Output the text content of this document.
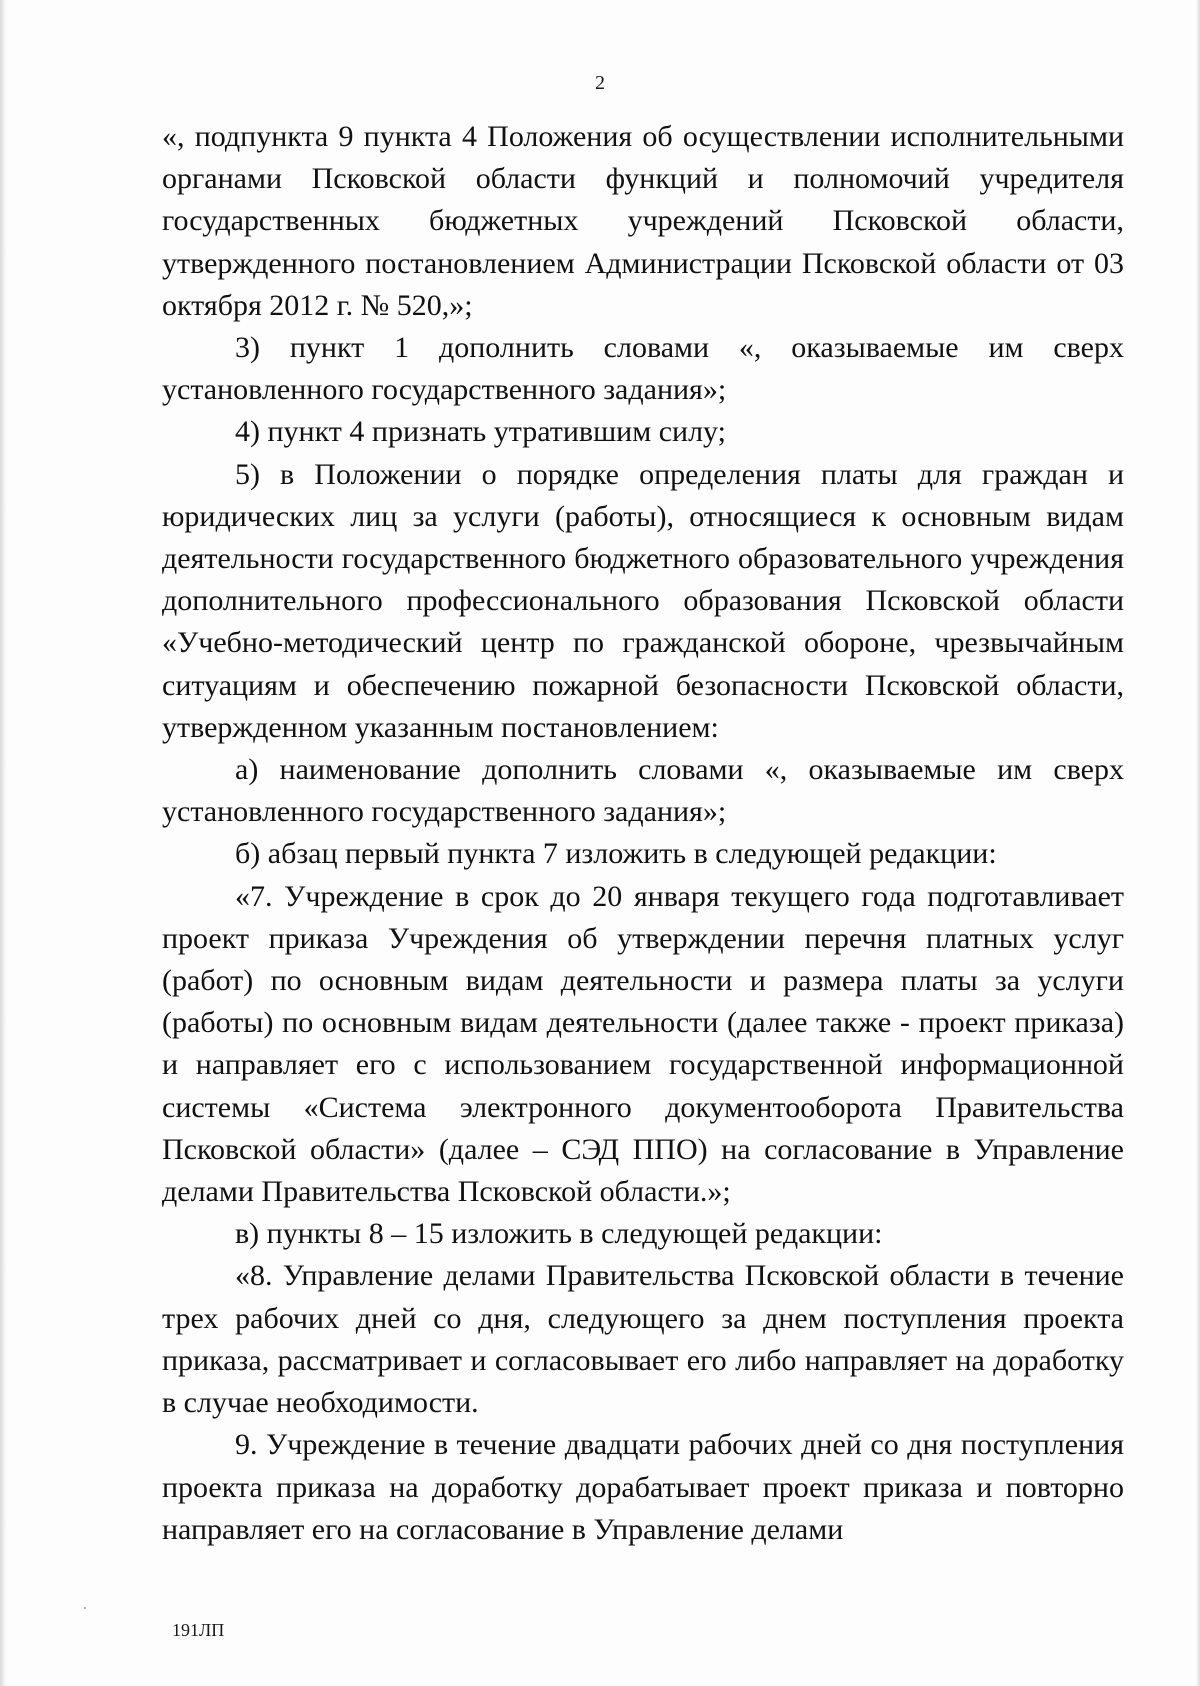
2

«, подпункта 9 пункта 4 Положения об осуществлении исполнительными органами Псковской области функций и полномочий учредителя государственных бюджетных учреждений Псковской области, утвержденного постановлением Администрации Псковской области от 03 октября 2012 г. № 520,»;

3) пункт 1 дополнить словами «, оказываемые им сверх установленного государственного задания»;

4) пункт 4 признать утратившим силу;

5) в Положении о порядке определения платы для граждан и юридических лиц за услуги (работы), относящиеся к основным видам деятельности государственного бюджетного образовательного учреждения дополнительного профессионального образования Псковской области «Учебно-методический центр по гражданской обороне, чрезвычайным ситуациям и обеспечению пожарной безопасности Псковской области, утвержденном указанным постановлением:

а) наименование дополнить словами «, оказываемые им сверх установленного государственного задания»;

б) абзац первый пункта 7 изложить в следующей редакции:

«7. Учреждение в срок до 20 января текущего года подготавливает проект приказа Учреждения об утверждении перечня платных услуг (работ) по основным видам деятельности и размера платы за услуги (работы) по основным видам деятельности (далее также - проект приказа) и направляет его с использованием государственной информационной системы «Система электронного документооборота Правительства Псковской области» (далее – СЭД ППО) на согласование в Управление делами Правительства Псковской области.»;

в) пункты 8 – 15 изложить в следующей редакции:

«8. Управление делами Правительства Псковской области в течение трех рабочих дней со дня, следующего за днем поступления проекта приказа, рассматривает и согласовывает его либо направляет на доработку в случае необходимости.

9. Учреждение в течение двадцати рабочих дней со дня поступления проекта приказа на доработку дорабатывает проект приказа и повторно направляет его на согласование в Управление делами

191ЛП
